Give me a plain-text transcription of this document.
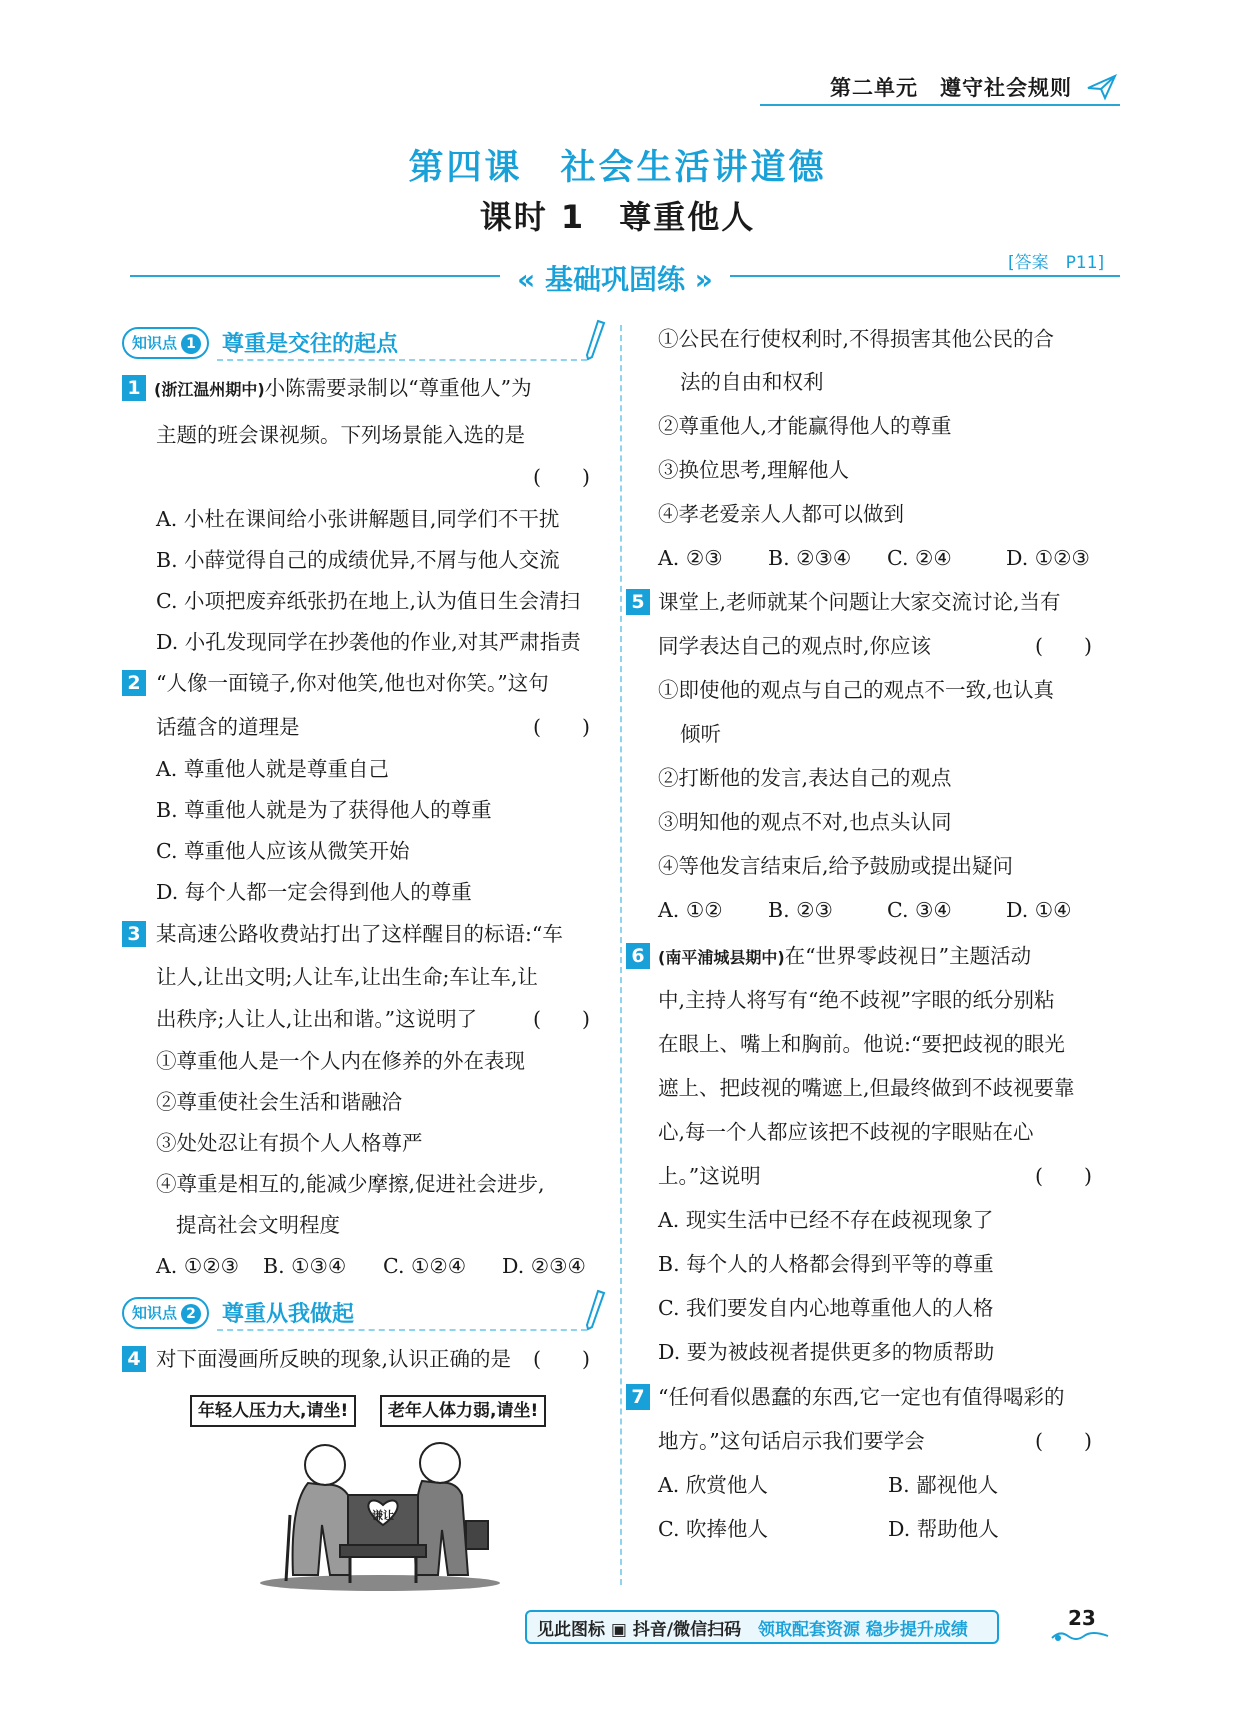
第二单元　 遵守社会规则
第四课　社会生活讲道德
课时 1　尊重他人
[答案　P11]
« 基础巩固练 »
知识点 1	尊重是交往的起点
1 (浙江温州期中)小陈需要录制以“尊重他人”为
主题的班会课视频。下列场景能入选的是
(　　)
A. 小杜在课间给小张讲解题目,同学们不干扰
B. 小薛觉得自己的成绩优异,不屑与他人交流
C. 小项把废弃纸张扔在地上,认为值日生会清扫
D. 小孔发现同学在抄袭他的作业,对其严肃指责
2 “人像一面镜子,你对他笑,他也对你笑。”这句
话蕴含的道理是	(　　)
A. 尊重他人就是尊重自己
B. 尊重他人就是为了获得他人的尊重
C. 尊重他人应该从微笑开始
D. 每个人都一定会得到他人的尊重
3 某高速公路收费站打出了这样醒目的标语:“车
让人,让出文明;人让车,让出生命;车让车,让
出秩序;人让人,让出和谐。”这说明了	(　　)
①尊重他人是一个人内在修养的外在表现
②尊重使社会生活和谐融洽
③处处忍让有损个人人格尊严
④尊重是相互的,能减少摩擦,促进社会进步,
提高社会文明程度
A. ①②③ B. ①③④ C. ①②④ D. ②③④
知识点 2	尊重从我做起
4 对下面漫画所反映的现象,认识正确的是 (　　)
年轻人压力大,请坐!	老年人体力弱,请坐!
谦让
①公民在行使权利时,不得损害其他公民的合
法的自由和权利
②尊重他人,才能赢得他人的尊重
③换位思考,理解他人
④孝老爱亲人人都可以做到
A. ②③ B. ②③④ C. ②④	D. ①②③
5 课堂上,老师就某个问题让大家交流讨论,当有
同学表达自己的观点时,你应该	(　　)
①即使他的观点与自己的观点不一致,也认真
倾听
②打断他的发言,表达自己的观点
③明知他的观点不对,也点头认同
④等他发言结束后,给予鼓励或提出疑问
A. ①② B. ②③	C. ③④	D. ①④
6 (南平浦城县期中)在“世界零歧视日”主题活动
中,主持人将写有“绝不歧视”字眼的纸分别粘
在眼上、嘴上和胸前。他说:“要把歧视的眼光
遮上、把歧视的嘴遮上,但最终做到不歧视要靠
心,每一个人都应该把不歧视的字眼贴在心
上。”这说明	(　　)
A. 现实生活中已经不存在歧视现象了
B. 每个人的人格都会得到平等的尊重
C. 我们要发自内心地尊重他人的人格
D. 要为被歧视者提供更多的物质帮助
7 “任何看似愚蠢的东西,它一定也有值得喝彩的
地方。”这句话启示我们要学会	(　　)
A. 欣赏他人	B. 鄙视他人
C. 吹捧他人	D. 帮助他人
见此图标 ▣ 抖音/微信扫码 领取配套资源 稳步提升成绩	23
